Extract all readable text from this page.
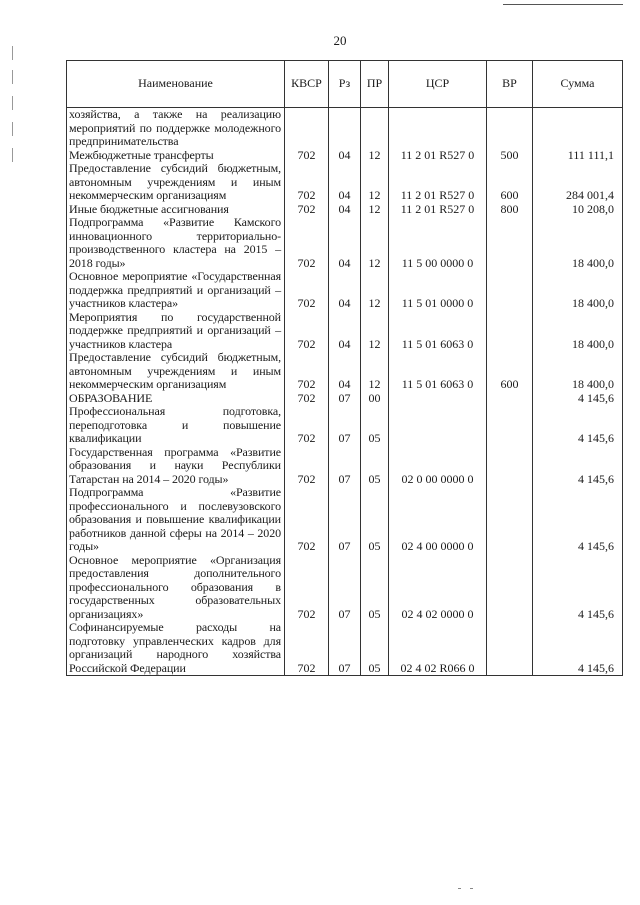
20
Наименование	КВСР	Рз	ПР	ЦСР	ВР	Сумма
хозяйства, а также на реализацию мероприятий по поддержке молодежного предпринимательства						
Межбюджетные трансферты	702	04	12	11 2 01 R527 0	500	111 111,1
Предоставление субсидий бюджетным, автономным учреждениям и иным некоммерческим организациям	702	04	12	11 2 01 R527 0	600	284 001,4
Иные бюджетные ассигнования	702	04	12	11 2 01 R527 0	800	10 208,0
Подпрограмма «Развитие Камского инновационного территориально-производственного кластера на 2015 – 2018 годы»	702	04	12	11 5 00 0000 0		18 400,0
Основное мероприятие «Государственная поддержка предприятий и организаций – участников кластера»	702	04	12	11 5 01 0000 0		18 400,0
Мероприятия по государственной поддержке предприятий и организаций – участников кластера	702	04	12	11 5 01 6063 0		18 400,0
Предоставление субсидий бюджетным, автономным учреждениям и иным некоммерческим организациям	702	04	12	11 5 01 6063 0	600	18 400,0
ОБРАЗОВАНИЕ	702	07	00			4 145,6
Профессиональная подготовка, переподготовка и повышение квалификации	702	07	05			4 145,6
Государственная программа «Развитие образования и науки Республики Татарстан на 2014 – 2020 годы»	702	07	05	02 0 00 0000 0		4 145,6
Подпрограмма «Развитие профессионального и послевузовского образования и повышение квалификации работников данной сферы на 2014 – 2020 годы»	702	07	05	02 4 00 0000 0		4 145,6
Основное мероприятие «Организация предоставления дополнительного профессионального образования в государственных образовательных организациях»	702	07	05	02 4 02 0000 0		4 145,6
Софинансируемые расходы на подготовку управленческих кадров для организаций народного хозяйства Российской Федерации	702	07	05	02 4 02 R066 0		4 145,6
